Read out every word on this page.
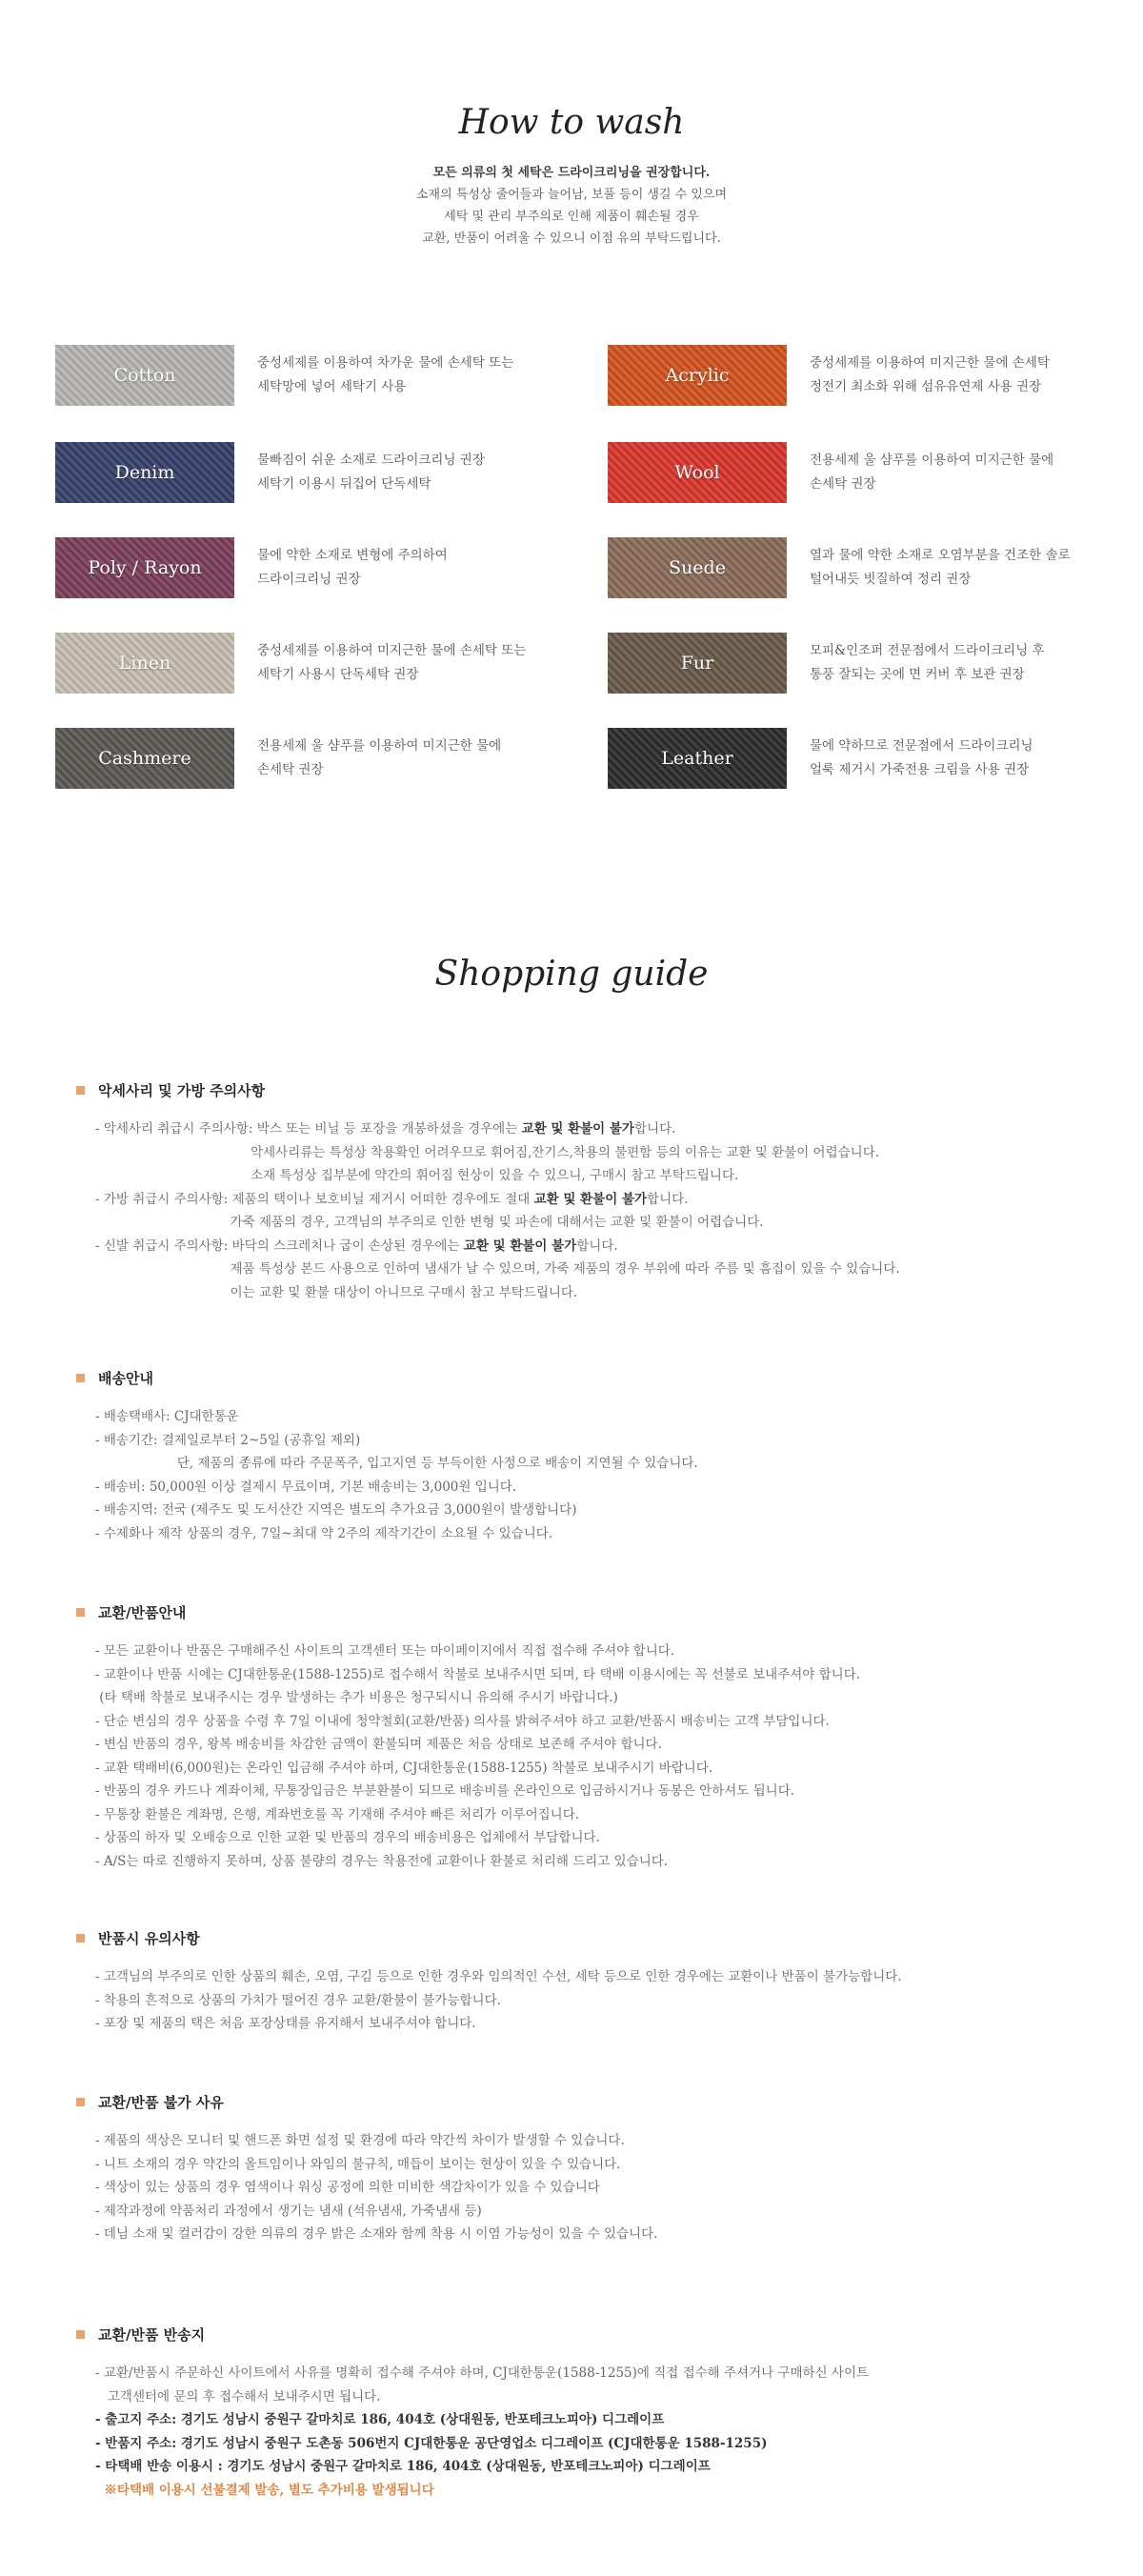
How to wash
모든 의류의 첫 세탁은 드라이크리닝을 권장합니다.
소재의 특성상 줄어들과 늘어남, 보풀 등이 생길 수 있으며
세탁 및 관리 부주의로 인해 제품이 훼손될 경우
교환, 반품이 어려울 수 있으니 이점 유의 부탁드립니다.
Cotton
중성세제를 이용하여 차가운 물에 손세탁 또는
세탁망에 넣어 세탁기 사용
Acrylic
중성세제를 이용하여 미지근한 물에 손세탁
정전기 최소화 위해 섬유유연제 사용 권장
Denim
물빠짐이 쉬운 소재로 드라이크리닝 권장
세탁기 이용시 뒤집어 단독세탁
Wool
전용세제 울 샴푸를 이용하여 미지근한 물에
손세탁 권장
Poly / Rayon
물에 약한 소재로 변형에 주의하여
드라이크리닝 권장
Suede
열과 물에 약한 소재로 오염부분을 건조한 솔로
털어내듯 빗질하여 정리 권장
Linen
중성세제를 이용하여 미지근한 물에 손세탁 또는
세탁기 사용시 단독세탁 권장
Fur
모피&인조퍼 전문점에서 드라이크리닝 후
통풍 잘되는 곳에 면 커버 후 보관 권장
Cashmere
전용세제 울 샴푸를 이용하여 미지근한 물에
손세탁 권장
Leather
물에 약하므로 전문점에서 드라이크리닝
얼룩 제거시 가죽전용 크림을 사용 권장
Shopping guide
악세사리 및 가방 주의사항
- 악세사리 취급시 주의사항: 박스 또는 비닐 등 포장을 개봉하셨을 경우에는 교환 및 환불이 불가합니다.
악세사리류는 특성상 착용확인 어려우므로 휘어짐,잔기스,착용의 불편함 등의 이유는 교환 및 환불이 어렵습니다.
소재 특성상 집부분에 약간의 휘어짐 현상이 있을 수 있으니, 구매시 참고 부탁드립니다.
- 가방 취급시 주의사항: 제품의 택이나 보호비닐 제거시 어떠한 경우에도 절대 교환 및 환불이 불가합니다.
가죽 제품의 경우, 고객님의 부주의로 인한 변형 및 파손에 대해서는 교환 및 환불이 어렵습니다.
- 신발 취급시 주의사항: 바닥의 스크레치나 굽이 손상된 경우에는 교환 및 환불이 불가합니다.
제품 특성상 본드 사용으로 인하여 냄새가 날 수 있으며, 가죽 제품의 경우 부위에 따라 주름 및 흠집이 있을 수 있습니다.
이는 교환 및 환불 대상이 아니므로 구매시 참고 부탁드립니다.
배송안내
- 배송택배사: CJ대한통운
- 배송기간: 결제일로부터 2~5일 (공휴일 제외)
단, 제품의 종류에 따라 주문폭주, 입고지연 등 부득이한 사정으로 배송이 지연될 수 있습니다.
- 배송비: 50,000원 이상 결제시 무료이며, 기본 배송비는 3,000원 입니다.
- 배송지역: 전국 (제주도 및 도서산간 지역은 별도의 추가요금 3,000원이 발생합니다)
- 수제화나 제작 상품의 경우, 7일~최대 약 2주의 제작기간이 소요될 수 있습니다.
교환/반품안내
- 모든 교환이나 반품은 구매해주신 사이트의 고객센터 또는 마이페이지에서 직접 접수해 주셔야 합니다.
- 교환이나 반품 시에는 CJ대한통운(1588-1255)로 접수해서 착불로 보내주시면 되며, 타 택배 이용시에는 꼭 선불로 보내주셔야 합니다.
(타 택배 착불로 보내주시는 경우 발생하는 추가 비용은 청구되시니 유의해 주시기 바랍니다.)
- 단순 변심의 경우 상품을 수령 후 7일 이내에 청약철회(교환/반품) 의사를 밝혀주셔야 하고 교환/반품시 배송비는 고객 부담입니다.
- 변심 반품의 경우, 왕복 배송비를 차감한 금액이 환불되며 제품은 처음 상태로 보존해 주셔야 합니다.
- 교환 택배비(6,000원)는 온라인 입금해 주셔야 하며, CJ대한통운(1588-1255) 착불로 보내주시기 바랍니다.
- 반품의 경우 카드나 계좌이체, 무통장입금은 부분환불이 되므로 배송비를 온라인으로 입금하시거나 동봉은 안하셔도 됩니다.
- 무통장 환불은 계좌명, 은행, 계좌번호를 꼭 기재해 주셔야 빠른 처리가 이루어집니다.
- 상품의 하자 및 오배송으로 인한 교환 및 반품의 경우의 배송비용은 업체에서 부담합니다.
- A/S는 따로 진행하지 못하며, 상품 불량의 경우는 착용전에 교환이나 환불로 처리해 드리고 있습니다.
반품시 유의사항
- 고객님의 부주의로 인한 상품의 훼손, 오염, 구김 등으로 인한 경우와 임의적인 수선, 세탁 등으로 인한 경우에는 교환이나 반품이 불가능합니다.
- 착용의 흔적으로 상품의 가치가 떨어진 경우 교환/환불이 불가능합니다.
- 포장 및 제품의 택은 처음 포장상태를 유지해서 보내주셔야 합니다.
교환/반품 불가 사유
- 제품의 색상은 모니터 및 핸드폰 화면 설정 및 환경에 따라 약간씩 차이가 발생할 수 있습니다.
- 니트 소재의 경우 약간의 올트임이나 와임의 불규칙, 매듭이 보이는 현상이 있을 수 있습니다.
- 색상이 있는 상품의 경우 염색이나 워싱 공정에 의한 미비한 색감차이가 있을 수 있습니다
- 제작과정에 약품처리 과정에서 생기는 냄새 (석유냄새, 가죽냄새 등)
- 데님 소재 및 컬러감이 강한 의류의 경우 밝은 소재와 함께 착용 시 이염 가능성이 있을 수 있습니다.
교환/반품 반송지
- 교환/반품시 주문하신 사이트에서 사유를 명확히 접수해 주셔야 하며, CJ대한통운(1588-1255)에 직접 접수해 주셔거나 구매하신 사이트
고객센터에 문의 후 접수해서 보내주시면 됩니다.
- 출고지 주소: 경기도 성남시 중원구 갈마치로 186, 404호 (상대원동, 반포테크노피아) 디그레이프
- 반품지 주소: 경기도 성남시 중원구 도촌동 506번지 CJ대한통운 공단영업소 디그레이프 (CJ대한통운 1588-1255)
- 타택배 반송 이용시 : 경기도 성남시 중원구 갈마치로 186, 404호 (상대원동, 반포테크노피아) 디그레이프
※타택배 이용시 선불결제 발송, 별도 추가비용 발생됩니다
